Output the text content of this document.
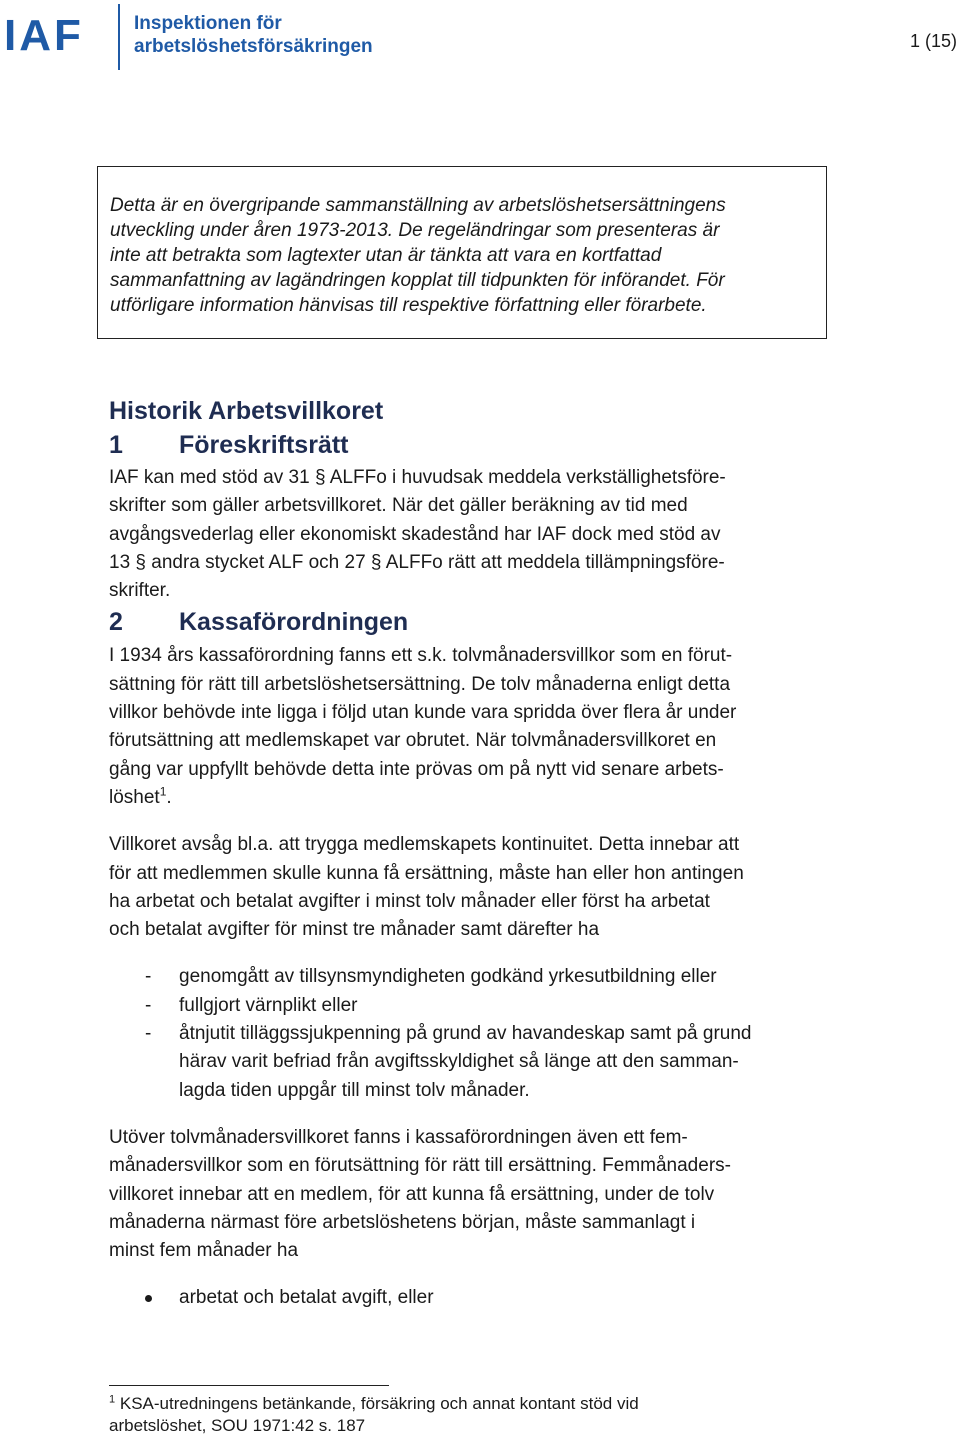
IAF	Inspektionen för
arbetslöshetsförsäkringen	1 (15)

Detta är en övergripande sammanställning av arbetslöshetsersättningens
utveckling under åren 1973-2013. De regeländringar som presenteras är
inte att betrakta som lagtexter utan är tänkta att vara en kortfattad
sammanfattning av lagändringen kopplat till tidpunkten för införandet. För
utförligare information hänvisas till respektive författning eller förarbete.

Historik Arbetsvillkoret
1 Föreskriftsrätt

IAF kan med stöd av 31 § ALFFo i huvudsak meddela verkställighetsföre-
skrifter som gäller arbetsvillkoret. När det gäller beräkning av tid med
avgångsvederlag eller ekonomiskt skadestånd har IAF dock med stöd av
13 § andra stycket ALF och 27 § ALFFo rätt att meddela tillämpningsföre-
skrifter.

2 Kassaförordningen

I 1934 års kassaförordning fanns ett s.k. tolvmånadersvillkor som en förut-
sättning för rätt till arbetslöshetsersättning. De tolv månaderna enligt detta
villkor behövde inte ligga i följd utan kunde vara spridda över flera år under
förutsättning att medlemskapet var obrutet. När tolvmånadersvillkoret en
gång var uppfyllt behövde detta inte prövas om på nytt vid senare arbets-
löshet$^1$.

Villkoret avsåg bl.a. att trygga medlemskapets kontinuitet. Detta innebar att
för att medlemmen skulle kunna få ersättning, måste han eller hon antingen
ha arbetat och betalat avgifter i minst tolv månader eller först ha arbetat
och betalat avgifter för minst tre månader samt därefter ha

- genomgått av tillsynsmyndigheten godkänd yrkesutbildning eller
- fullgjort värnplikt eller
- åtnjutit tilläggssjukpenning på grund av havandeskap samt på grund
härav varit befriad från avgiftsskyldighet så länge att den samman-
lagda tiden uppgår till minst tolv månader.

Utöver tolvmånadersvillkoret fanns i kassaförordningen även ett fem-
månadersvillkor som en förutsättning för rätt till ersättning. Femmånaders-
villkoret innebar att en medlem, för att kunna få ersättning, under de tolv
månaderna närmast före arbetslöshetens början, måste sammanlagt i
minst fem månader ha

arbetat och betalat avgift, eller
$^1$ KSA-utredningens betänkande, försäkring och annat kontant stöd vid
arbetslöshet, SOU 1971:42 s. 187
